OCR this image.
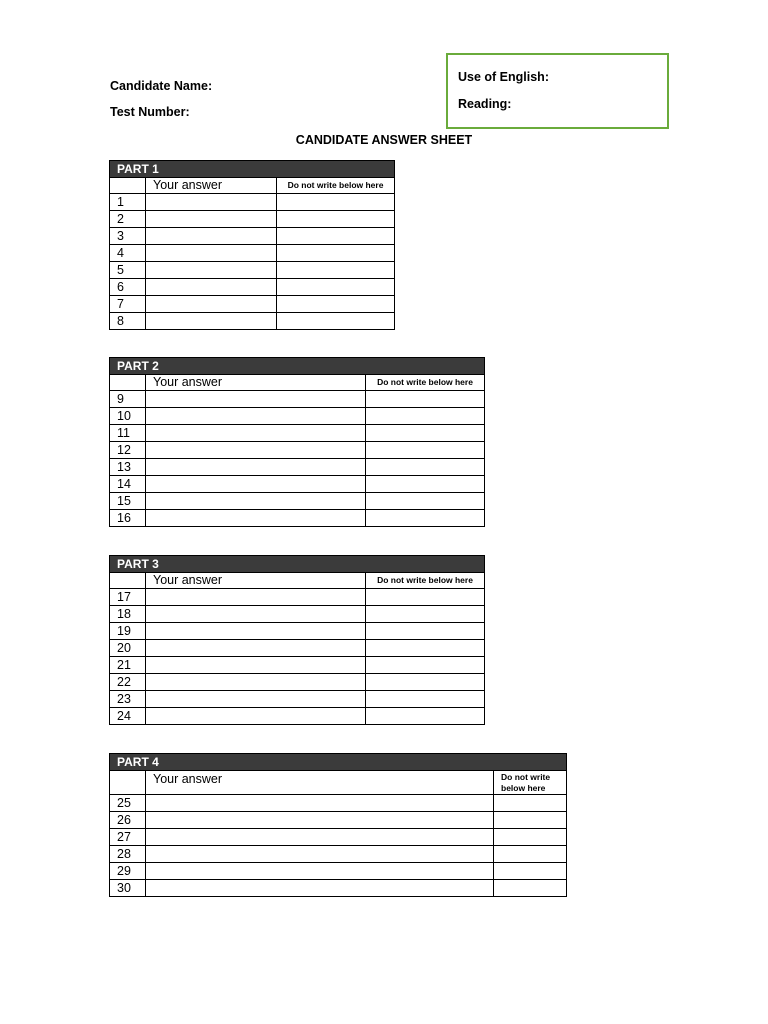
Candidate Name:
Test Number:
Use of English:
Reading:
CANDIDATE ANSWER SHEET
PART 1		
	Your answer	Do not write below here
1		
2		
3		
4		
5		
6		
7		
8		
PART 2		
	Your answer	Do not write below here
9		
10		
11		
12		
13		
14		
15		
16		
PART 3		
	Your answer	Do not write below here
17		
18		
19		
20		
21		
22		
23		
24		
PART 4		
	Your answer	Do not write below here
25		
26		
27		
28		
29		
30		
